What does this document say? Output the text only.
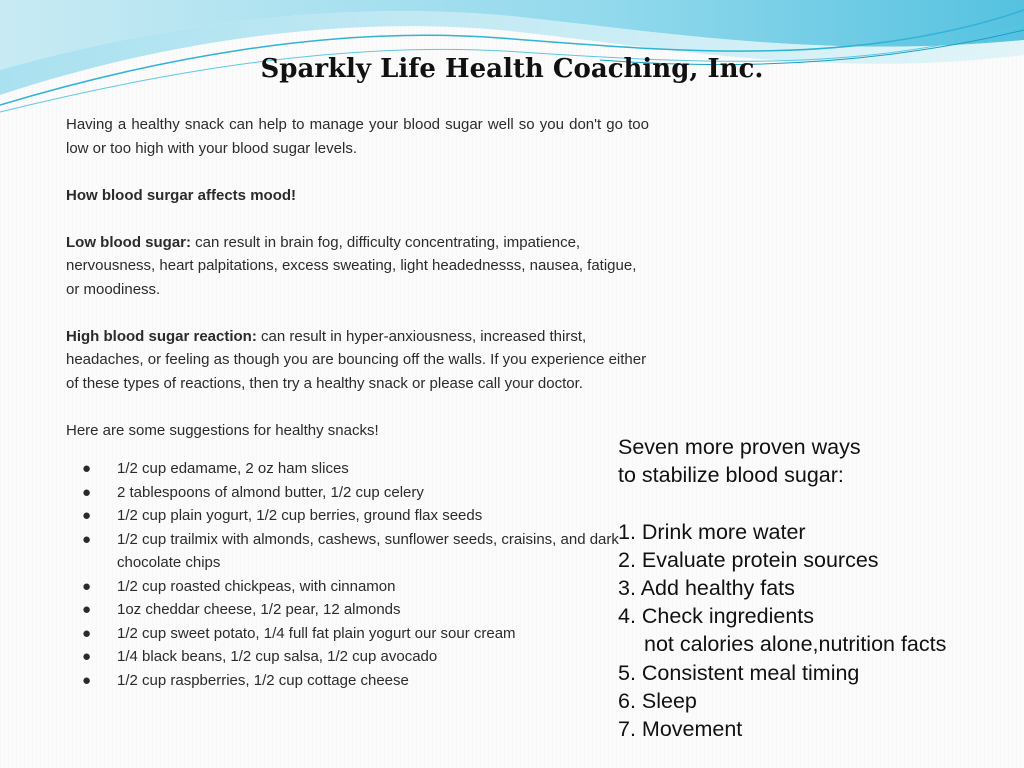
Sparkly Life Health Coaching, Inc.

Having a healthy snack can help to manage your blood sugar well so you don't go too low or too high with your blood sugar levels.

How blood surgar affects mood!

Low blood sugar: can result in brain fog, difficulty concentrating, impatience, nervousness, heart palpitations, excess sweating, light headednesss, nausea, fatigue, or moodiness.

High blood sugar reaction: can result in hyper-anxiousness, increased thirst, headaches, or feeling as though you are bouncing off the walls. If you experience either of these types of reactions, then try a healthy snack or please call your doctor.

Here are some suggestions for healthy snacks!

● 1/2 cup edamame, 2 oz ham slices
● 2 tablespoons of almond butter, 1/2 cup celery
● 1/2 cup plain yogurt, 1/2 cup berries, ground flax seeds
● 1/2 cup trailmix with almonds, cashews, sunflower seeds, craisins, and dark chocolate chips
● 1/2 cup roasted chickpeas, with cinnamon
● 1oz cheddar cheese, 1/2 pear, 12 almonds
● 1/2 cup sweet potato, 1/4 full fat plain yogurt our sour cream
● 1/4 black beans, 1/2 cup salsa, 1/2 cup avocado
● 1/2 cup raspberries, 1/2 cup cottage cheese

Seven more proven ways

to stabilize blood sugar:

1. Drink more water

2. Evaluate protein sources

3. Add healthy fats

4. Check ingredients

not calories alone,nutrition facts

5. Consistent meal timing

6. Sleep

7. Movement
